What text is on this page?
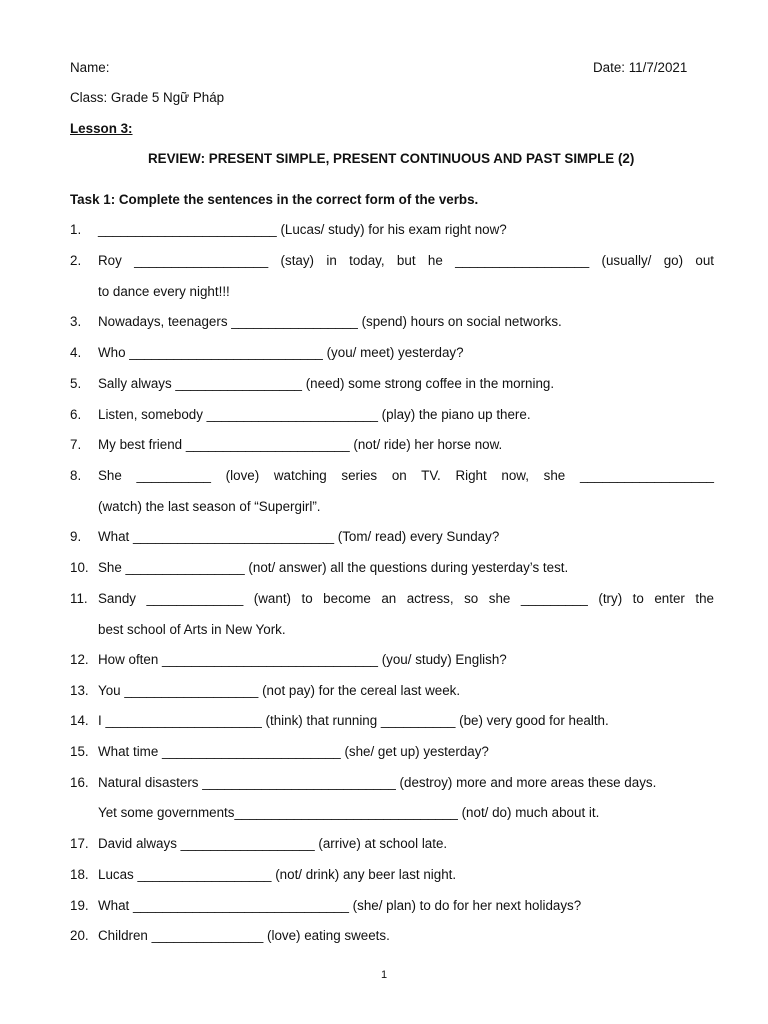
Name:	Date: 11/7/2021
Class: Grade 5 Ngữ Pháp
Lesson 3:
REVIEW: PRESENT SIMPLE, PRESENT CONTINUOUS AND PAST SIMPLE (2)
Task 1: Complete the sentences in the correct form of the verbs.
1.	________________________ (Lucas/ study) for his exam right now?
2.	Roy __________________ (stay) in today, but he __________________ (usually/ go) out
to dance every night!!!
3.	Nowadays, teenagers _________________ (spend) hours on social networks.
4.	Who __________________________ (you/ meet) yesterday?
5.	Sally always _________________ (need) some strong coffee in the morning.
6.	Listen, somebody _______________________ (play) the piano up there.
7.	My best friend ______________________ (not/ ride) her horse now.
8.	She __________ (love) watching series on TV. Right now, she __________________
(watch) the last season of “Supergirl”.
9.	What ___________________________ (Tom/ read) every Sunday?
10. She ________________ (not/ answer) all the questions during yesterday’s test.
11. Sandy _____________ (want) to become an actress, so she _________ (try) to enter the
best school of Arts in New York.
12. How often _____________________________ (you/ study) English?
13. You __________________ (not pay) for the cereal last week.
14. I _____________________ (think) that running __________ (be) very good for health.
15. What time ________________________ (she/ get up) yesterday?
16. Natural disasters __________________________ (destroy) more and more areas these days.
Yet some governments______________________________ (not/ do) much about it.
17. David always __________________ (arrive) at school late.
18. Lucas __________________ (not/ drink) any beer last night.
19. What _____________________________ (she/ plan) to do for her next holidays?
20. Children _______________ (love) eating sweets.
1
